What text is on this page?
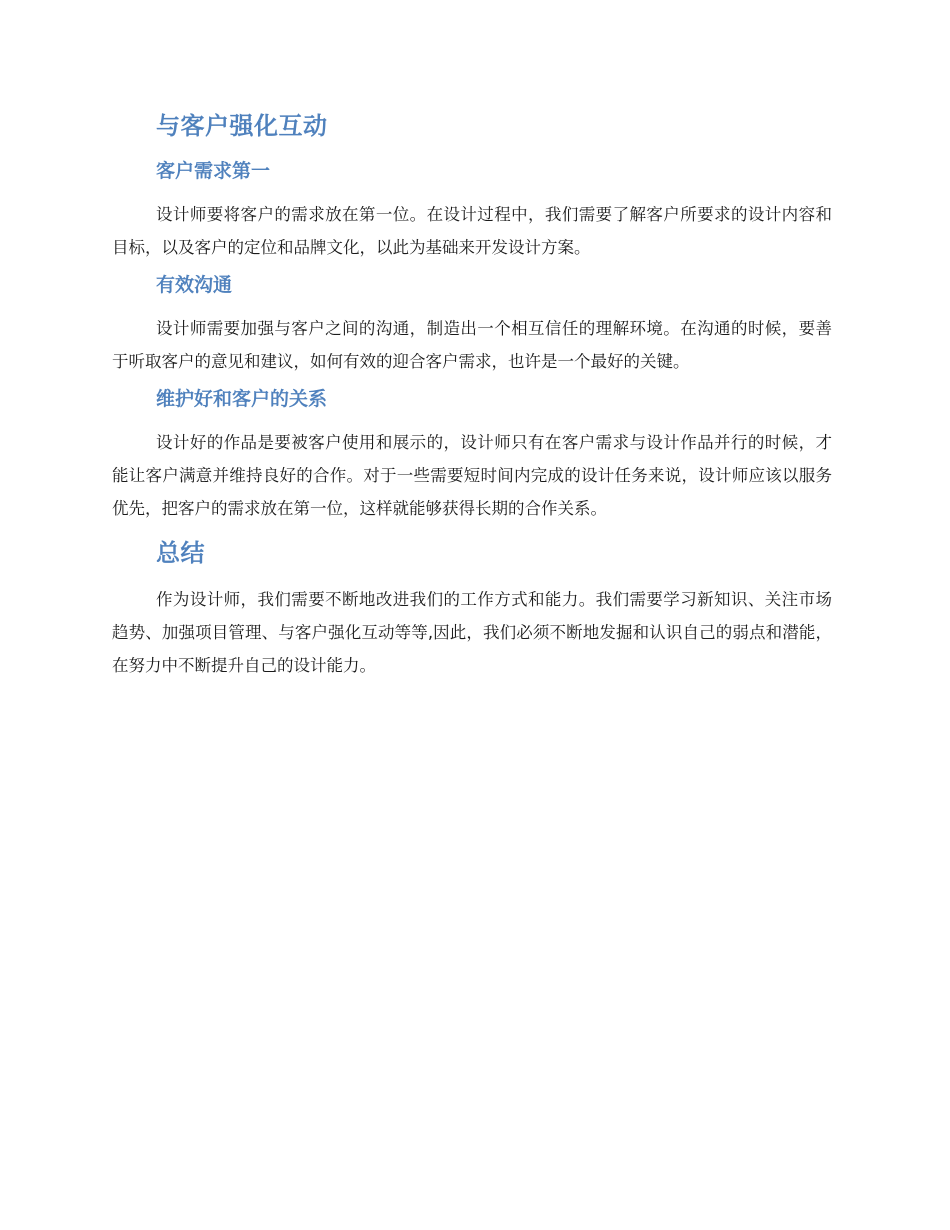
与客户强化互动
客户需求第一

设计师要将客户的需求放在第一位。在设计过程中，我们需要了解客户所要求的设计内容和目标，以及客户的定位和品牌文化，以此为基础来开发设计方案。

有效沟通

设计师需要加强与客户之间的沟通，制造出一个相互信任的理解环境。在沟通的时候，要善于听取客户的意见和建议，如何有效的迎合客户需求，也许是一个最好的关键。

维护好和客户的关系

设计好的作品是要被客户使用和展示的，设计师只有在客户需求与设计作品并行的时候，才能让客户满意并维持良好的合作。对于一些需要短时间内完成的设计任务来说，设计师应该以服务优先，把客户的需求放在第一位，这样就能够获得长期的合作关系。

总结

作为设计师，我们需要不断地改进我们的工作方式和能力。我们需要学习新知识、关注市场趋势、加强项目管理、与客户强化互动等等,因此，我们必须不断地发掘和认识自己的弱点和潜能，在努力中不断提升自己的设计能力。
